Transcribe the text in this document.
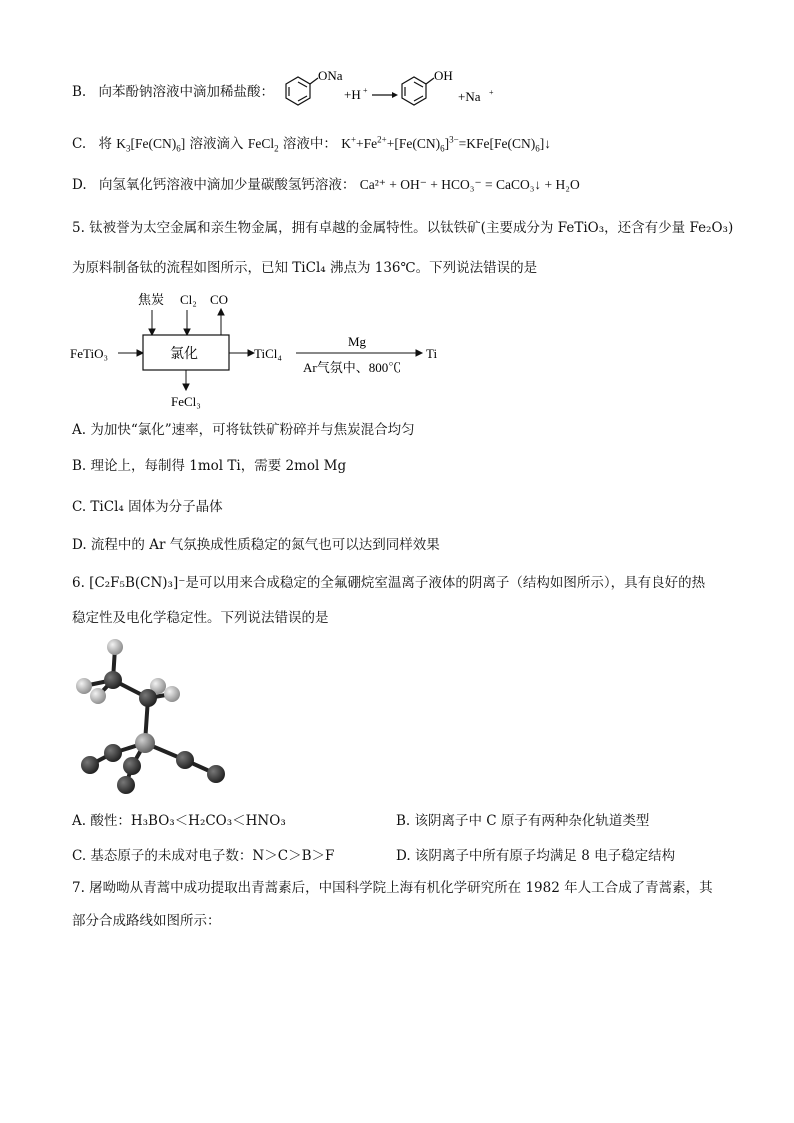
B. 向苯酚钠溶液中滴加稀盐酸：
ONa
+H +
OH
+Na +
C. 将 $K_3[Fe(CN)_6]$ 溶液滴入 FeCl$_2$ 溶液中： $K^++Fe^{2+}+[Fe(CN)_6]^{3-}=KFe[Fe(CN)_6]↓$
D. 向氢氧化钙溶液中滴加少量碳酸氢钙溶液： Ca²⁺ + OH⁻ + HCO₃⁻ = CaCO₃↓ + H₂O
5. 钛被誉为太空金属和亲生物金属，拥有卓越的金属特性。以钛铁矿(主要成分为 FeTiO₃，还含有少量 Fe₂O₃)
为原料制备钛的流程如图所示，已知 TiCl₄ 沸点为 136℃。下列说法错误的是
焦炭 Cl₂ CO
氯化
FeTiO₃	TiCl₄
Mg
Ar气氛中、800℃
Ti
FeCl₃
A. 为加快“氯化”速率，可将钛铁矿粉碎并与焦炭混合均匀
B. 理论上，每制得 1mol Ti，需要 2mol Mg
C. TiCl₄ 固体为分子晶体
D. 流程中的 Ar 气氛换成性质稳定的氮气也可以达到同样效果
6. [C₂F₅B(CN)₃]⁻是可以用来合成稳定的全氟硼烷室温离子液体的阴离子（结构如图所示），具有良好的热
稳定性及电化学稳定性。下列说法错误的是
A. 酸性：H₃BO₃＜H₂CO₃＜HNO₃	B. 该阴离子中 C 原子有两种杂化轨道类型
C. 基态原子的未成对电子数：N＞C＞B＞F	D. 该阴离子中所有原子均满足 8 电子稳定结构
7. 屠呦呦从青蒿中成功提取出青蒿素后，中国科学院上海有机化学研究所在 1982 年人工合成了青蒿素，其
部分合成路线如图所示：
